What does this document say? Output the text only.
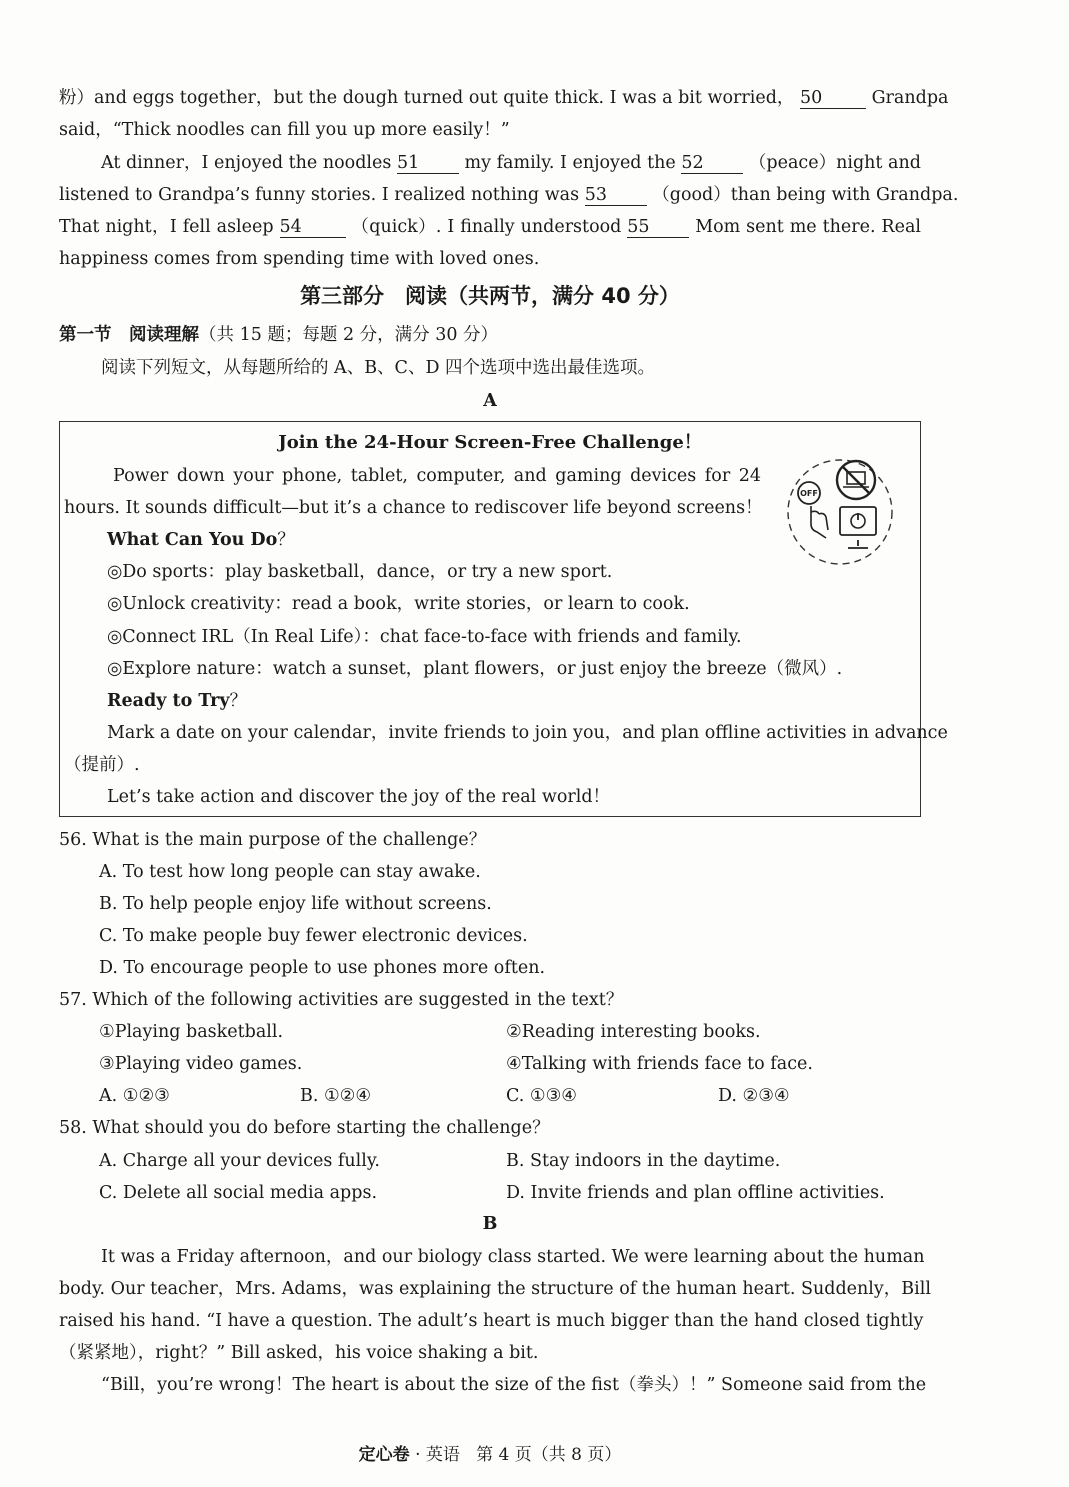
粉）and eggs together，but the dough turned out quite thick. I was a bit worried， 50	Grandpa
said，“Thick noodles can fill you up more easily！”
At dinner，I enjoyed the noodles 51	my family. I enjoyed the 52	（peace）night and
listened to Grandpa’s funny stories. I realized nothing was 53	（good）than being with Grandpa.
That night，I fell asleep 54	（quick）. I finally understood 55	Mom sent me there. Real
happiness comes from spending time with loved ones.
第三部分　阅读（共两节，满分 40 分）
第一节　阅读理解（共 15 题；每题 2 分，满分 30 分）
阅读下列短文，从每题所给的 A、B、C、D 四个选项中选出最佳选项。
A
Join the 24-Hour Screen-Free Challenge！
Power down your phone, tablet, computer, and gaming devices for 24
hours. It sounds difficult—but it’s a chance to rediscover life beyond screens！
What Can You Do？
◎Do sports：play basketball，dance，or try a new sport.
◎Unlock creativity：read a book，write stories，or learn to cook.
◎Connect IRL（In Real Life）：chat face-to-face with friends and family.
◎Explore nature：watch a sunset，plant flowers，or just enjoy the breeze（微风）.
Ready to Try？
Mark a date on your calendar，invite friends to join you，and plan offline activities in advance
（提前）.
Let’s take action and discover the joy of the real world！
OFF
56. What is the main purpose of the challenge？
A. To test how long people can stay awake.
B. To help people enjoy life without screens.
C. To make people buy fewer electronic devices.
D. To encourage people to use phones more often.
57. Which of the following activities are suggested in the text？
①Playing basketball.	②Reading interesting books.
③Playing video games.	④Talking with friends face to face.
A. ①②③	B. ①②④	C. ①③④	D. ②③④
58. What should you do before starting the challenge？
A. Charge all your devices fully.	B. Stay indoors in the daytime.
C. Delete all social media apps.	D. Invite friends and plan offline activities.
B
It was a Friday afternoon，and our biology class started. We were learning about the human
body. Our teacher，Mrs. Adams，was explaining the structure of the human heart. Suddenly，Bill
raised his hand. “I have a question. The adult’s heart is much bigger than the hand closed tightly
（紧紧地），right？” Bill asked，his voice shaking a bit.
“Bill，you’re wrong！The heart is about the size of the fist（拳头）！” Someone said from the
定心卷 · 英语 第 4 页（共 8 页）
